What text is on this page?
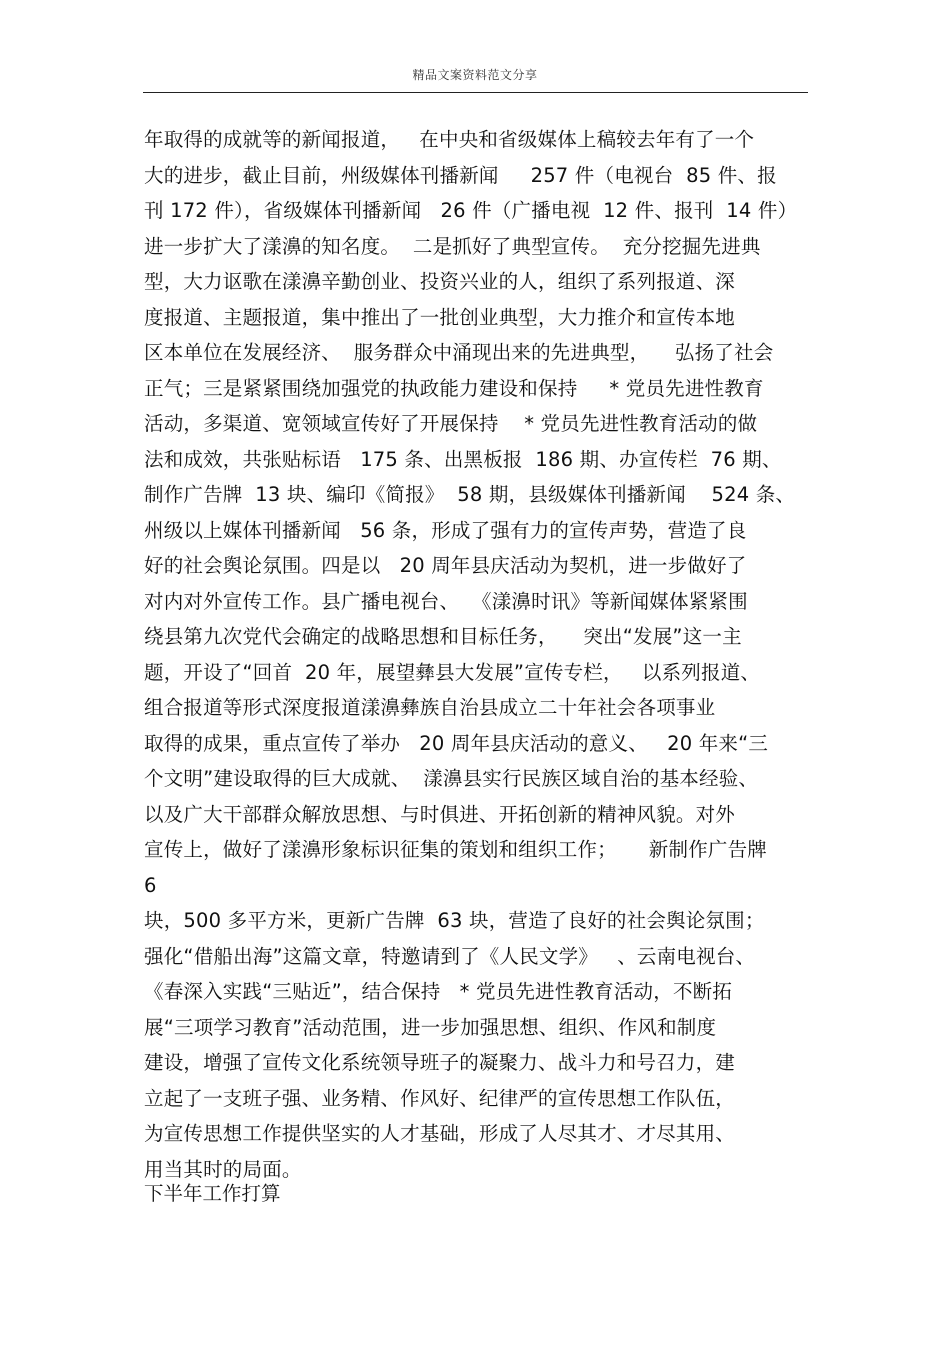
精品文案资料范文分享
年取得的成就等的新闻报道，   在中央和省级媒体上稿较去年有了一个
大的进步，截止目前，州级媒体刊播新闻     257 件（电视台  85 件、报
刊 172 件），省级媒体刊播新闻   26 件（广播电视  12 件、报刊  14 件）
进一步扩大了漾濞的知名度。  二是抓好了典型宣传。  充分挖掘先进典
型，大力讴歌在漾濞辛勤创业、投资兴业的人，组织了系列报道、深
度报道、主题报道，集中推出了一批创业典型，大力推介和宣传本地
区本单位在发展经济、  服务群众中涌现出来的先进典型，    弘扬了社会
正气；三是紧紧围绕加强党的执政能力建设和保持     * 党员先进性教育
活动，多渠道、宽领域宣传好了开展保持    * 党员先进性教育活动的做
法和成效，共张贴标语   175 条、出黑板报  186 期、办宣传栏  76 期、
制作广告牌  13 块、编印《简报》  58 期，县级媒体刊播新闻    524 条、
州级以上媒体刊播新闻   56 条，形成了强有力的宣传声势，营造了良
好的社会舆论氛围。四是以   20 周年县庆活动为契机，进一步做好了
对内对外宣传工作。县广播电视台、  《漾濞时讯》等新闻媒体紧紧围
绕县第九次党代会确定的战略思想和目标任务，    突出“发展”这一主
题，开设了“回首  20 年，展望彝县大发展”宣传专栏，   以系列报道、
组合报道等形式深度报道漾濞彝族自治县成立二十年社会各项事业
取得的成果，重点宣传了举办   20 周年县庆活动的意义、   20 年来“三
个文明”建设取得的巨大成就、  漾濞县实行民族区域自治的基本经验、
以及广大干部群众解放思想、与时俱进、开拓创新的精神风貌。对外
宣传上，做好了漾濞形象标识征集的策划和组织工作；     新制作广告牌
6
块，500 多平方米，更新广告牌  63 块，营造了良好的社会舆论氛围；
强化“借船出海”这篇文章，特邀请到了《人民文学》   、云南电视台、
《春深入实践“三贴近”，结合保持   * 党员先进性教育活动，不断拓
展“三项学习教育”活动范围，进一步加强思想、组织、作风和制度
建设，增强了宣传文化系统领导班子的凝聚力、战斗力和号召力，建
立起了一支班子强、业务精、作风好、纪律严的宣传思想工作队伍，
为宣传思想工作提供坚实的人才基础，形成了人尽其才、才尽其用、
用当其时的局面。
下半年工作打算
